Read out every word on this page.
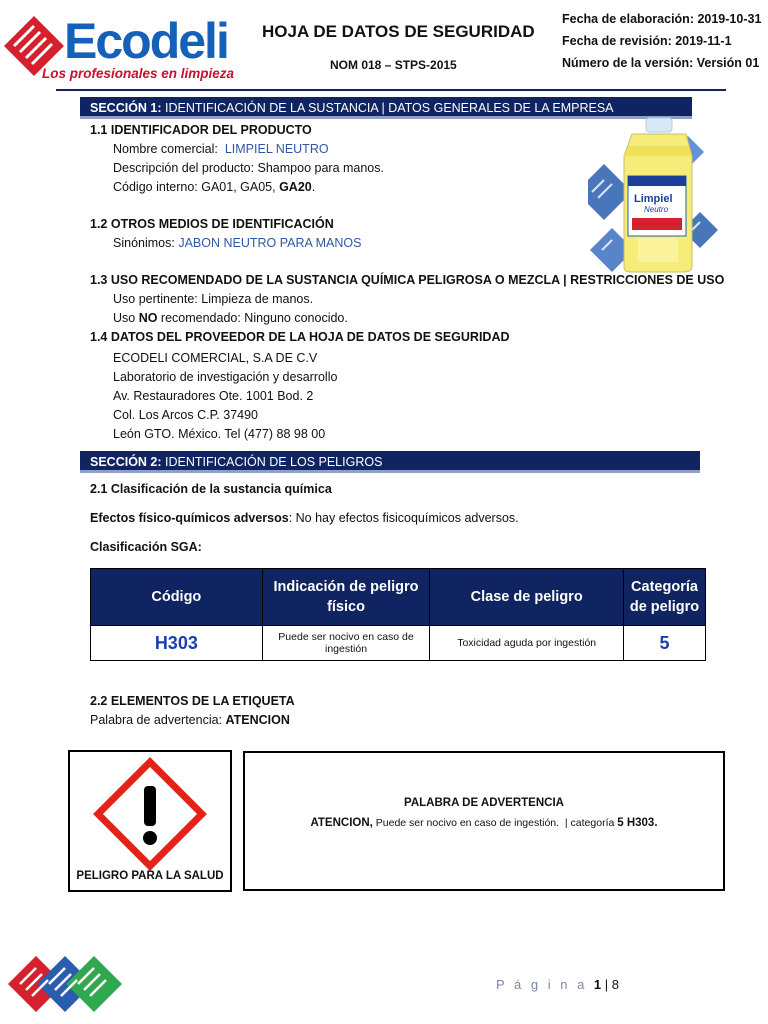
Ecodeli
Los profesionales en limpieza
HOJA DE DATOS DE SEGURIDAD
NOM 018 – STPS-2015
Fecha de elaboración: 2019-10-31
Fecha de revisión: 2019-11-1
Número de la versión: Versión 01
SECCIÓN 1: IDENTIFICACIÓN DE LA SUSTANCIA | DATOS GENERALES DE LA EMPRESA
1.1 IDENTIFICADOR DEL PRODUCTO
Nombre comercial:  LIMPIEL NEUTRO
Descripción del producto: Shampoo para manos.
Código interno: GA01, GA05, GA20.
1.2 OTROS MEDIOS DE IDENTIFICACIÓN
Sinónimos: JABON NEUTRO PARA MANOS
1.3 USO RECOMENDADO DE LA SUSTANCIA QUÍMICA PELIGROSA O MEZCLA | RESTRICCIONES DE USO
Uso pertinente: Limpieza de manos.
Uso NO recomendado: Ninguno conocido.
1.4 DATOS DEL PROVEEDOR DE LA HOJA DE DATOS DE SEGURIDAD
ECODELI COMERCIAL, S.A DE C.V
Laboratorio de investigación y desarrollo
Av. Restauradores Ote. 1001 Bod. 2
Col. Los Arcos C.P. 37490
León GTO. México. Tel (477) 88 98 00
Limpiel
Neutro
SECCIÓN 2: IDENTIFICACIÓN DE LOS PELIGROS
2.1 Clasificación de la sustancia química
Efectos físico-químicos adversos: No hay efectos fisicoquímicos adversos.
Clasificación SGA:
Código	Indicación de peligro físico	Clase de peligro	Categoría de peligro
H303	Puede ser nocivo en caso de ingestión	Toxicidad aguda por ingestión	5
2.2 ELEMENTOS DE LA ETIQUETA
Palabra de advertencia: ATENCION
PELIGRO PARA LA SALUD
PALABRA DE ADVERTENCIA
ATENCION, Puede ser nocivo en caso de ingestión.  | categoría 5 H303.
P á g i n a 1 | 8
